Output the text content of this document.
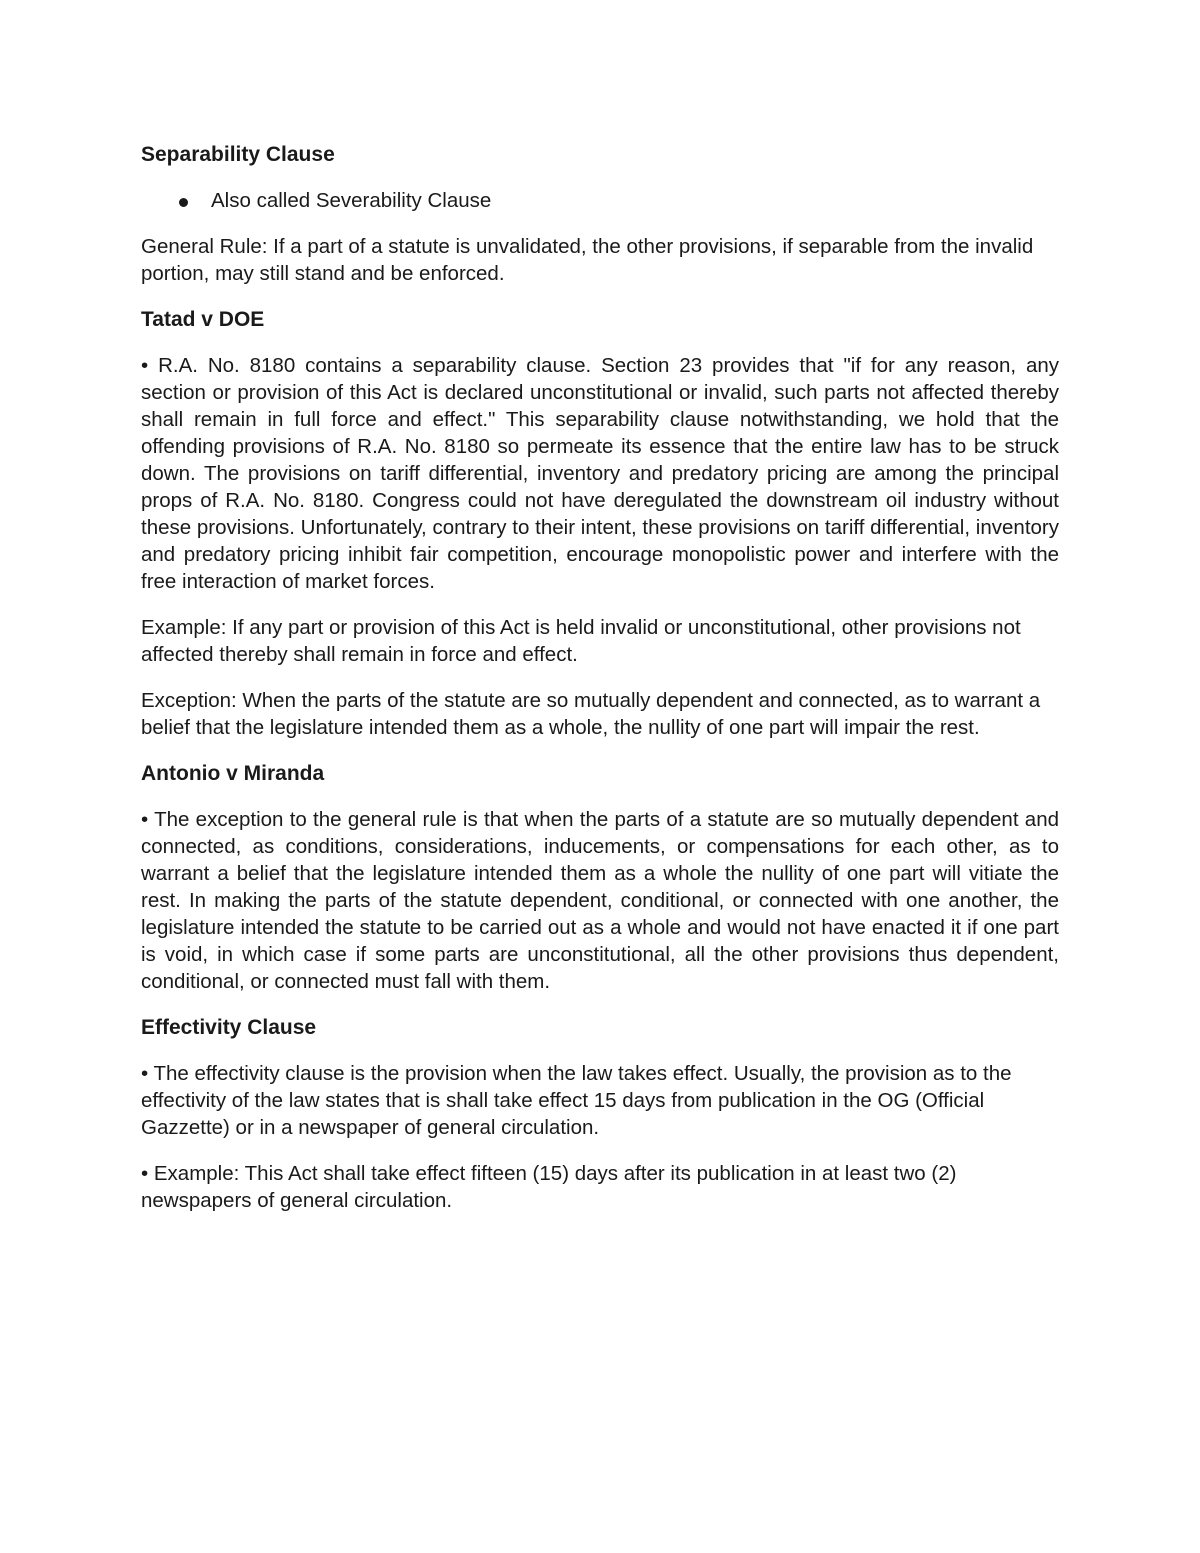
Separability Clause
Also called Severability Clause

General Rule: If a part of a statute is unvalidated, the other provisions, if separable from the invalid portion, may still stand and be enforced.

Tatad v DOE

• R.A. No. 8180 contains a separability clause. Section 23 provides that "if for any reason, any section or provision of this Act is declared unconstitutional or invalid, such parts not affected thereby shall remain in full force and effect." This separability clause notwithstanding, we hold that the offending provisions of R.A. No. 8180 so permeate its essence that the entire law has to be struck down. The provisions on tariff differential, inventory and predatory pricing are among the principal props of R.A. No. 8180. Congress could not have deregulated the downstream oil industry without these provisions. Unfortunately, contrary to their intent, these provisions on tariff differential, inventory and predatory pricing inhibit fair competition, encourage monopolistic power and interfere with the free interaction of market forces.

Example: If any part or provision of this Act is held invalid or unconstitutional, other provisions not affected thereby shall remain in force and effect.

Exception: When the parts of the statute are so mutually dependent and connected, as to warrant a belief that the legislature intended them as a whole, the nullity of one part will impair the rest.

Antonio v Miranda

• The exception to the general rule is that when the parts of a statute are so mutually dependent and connected, as conditions, considerations, inducements, or compensations for each other, as to warrant a belief that the legislature intended them as a whole the nullity of one part will vitiate the rest. In making the parts of the statute dependent, conditional, or connected with one another, the legislature intended the statute to be carried out as a whole and would not have enacted it if one part is void, in which case if some parts are unconstitutional, all the other provisions thus dependent, conditional, or connected must fall with them.

Effectivity Clause

• The effectivity clause is the provision when the law takes effect. Usually, the provision as to the effectivity of the law states that is shall take effect 15 days from publication in the OG (Official Gazzette) or in a newspaper of general circulation.

• Example: This Act shall take effect fifteen (15) days after its publication in at least two (2) newspapers of general circulation.
